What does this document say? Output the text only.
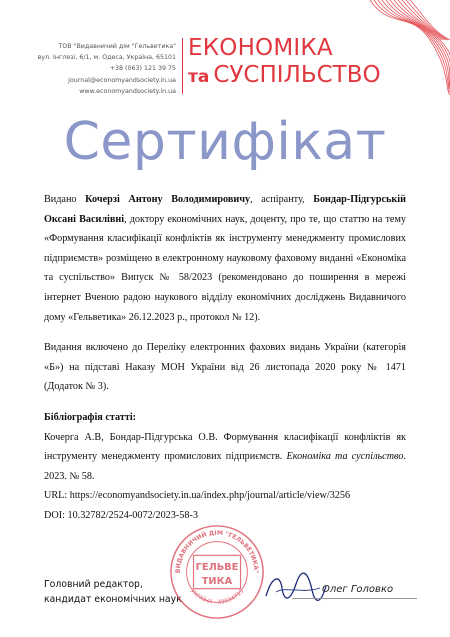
ТОВ "Видавничий дім "Гельветика"
вул. Інглезі, 6/1, м. Одеса, Україна, 65101
+38 (063) 121 39 75
journal@economyandsociety.in.ua
www.economyandsociety.in.ua
ЕКОНОМІКА
та СУСПІЛЬСТВО
Сертифікат

Видано Кочерзі Антону Володимировичу, аспіранту, Бондар-Підгурській Оксані Василівні, доктору економічних наук, доценту, про те, що статтю на тему «Формування класифікації конфліктів як інструменту менеджменту промислових підприємств» розміщено в електронному науковому фаховому виданні «Економіка та суспільство» Випуск № 58/2023 (рекомендовано до поширення в мережі інтернет Вченою радою наукового відділу економічних досліджень Видавничого дому «Гельветика» 26.12.2023 р., протокол № 12).

Видання включено до Переліку електронних фахових видань України (категорія «Б») на підставі Наказу МОН України від 26 листопада 2020 року № 1471 (Додаток № 3).

Бібліографія статті:

Кочерга А.В, Бондар-Підгурська О.В. Формування класифікації конфліктів як інструменту менеджменту промислових підприємств. Економіка та суспільство. 2023. № 58.

URL: https://economyandsociety.in.ua/index.php/journal/article/view/3256

DOI: 10.32782/2524-0072/2023-58-3

Головний редактор,
кандидат економічних наук
ВИДАВНИЧИЙ ДІМ "ГЕЛЬВЕТИКА"
УКРАЇНА · 39934715
ГЕЛЬВЕ
ТИКА
Олег Головко
